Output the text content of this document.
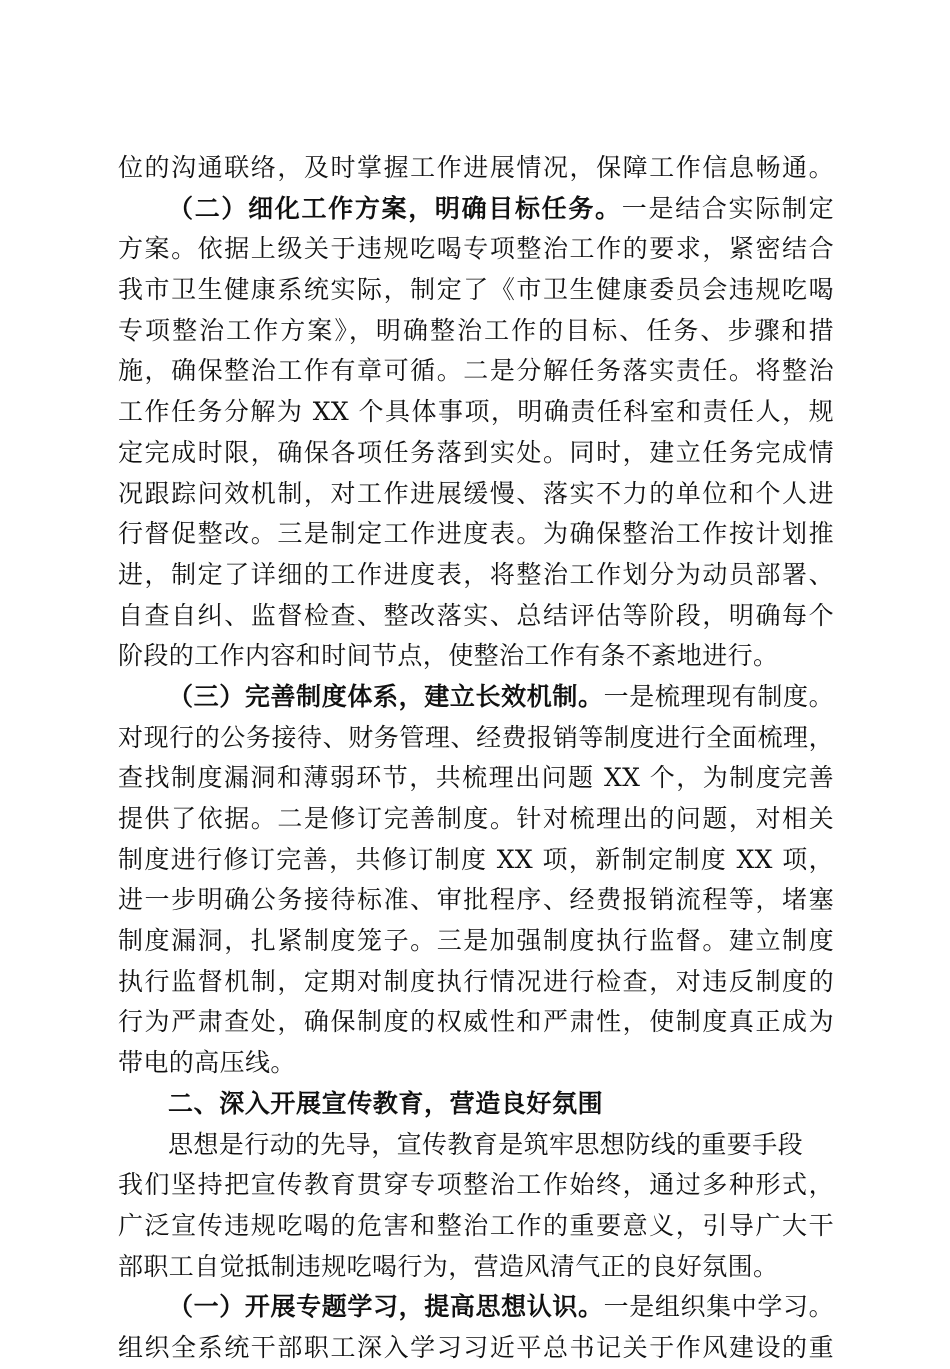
位的沟通联络，及时掌握工作进展情况，保障工作信息畅通。
（二）细化工作方案，明确目标任务。一是结合实际制定
方案。依据上级关于违规吃喝专项整治工作的要求，紧密结合
我市卫生健康系统实际，制定了《市卫生健康委员会违规吃喝
专项整治工作方案》，明确整治工作的目标、任务、步骤和措
施，确保整治工作有章可循。二是分解任务落实责任。将整治
工作任务分解为 XX 个具体事项，明确责任科室和责任人，规
定完成时限，确保各项任务落到实处。同时，建立任务完成情
况跟踪问效机制，对工作进展缓慢、落实不力的单位和个人进
行督促整改。三是制定工作进度表。为确保整治工作按计划推
进，制定了详细的工作进度表，将整治工作划分为动员部署、
自查自纠、监督检查、整改落实、总结评估等阶段，明确每个
阶段的工作内容和时间节点，使整治工作有条不紊地进行。
（三）完善制度体系，建立长效机制。一是梳理现有制度。
对现行的公务接待、财务管理、经费报销等制度进行全面梳理，
查找制度漏洞和薄弱环节，共梳理出问题 XX 个，为制度完善
提供了依据。二是修订完善制度。针对梳理出的问题，对相关
制度进行修订完善，共修订制度 XX 项，新制定制度 XX 项，
进一步明确公务接待标准、审批程序、经费报销流程等，堵塞
制度漏洞，扎紧制度笼子。三是加强制度执行监督。建立制度
执行监督机制，定期对制度执行情况进行检查，对违反制度的
行为严肃查处，确保制度的权威性和严肃性，使制度真正成为
带电的高压线。
二、深入开展宣传教育，营造良好氛围
思想是行动的先导，宣传教育是筑牢思想防线的重要手段
我们坚持把宣传教育贯穿专项整治工作始终，通过多种形式，
广泛宣传违规吃喝的危害和整治工作的重要意义，引导广大干
部职工自觉抵制违规吃喝行为，营造风清气正的良好氛围。
（一）开展专题学习，提高思想认识。一是组织集中学习。
组织全系统干部职工深入学习习近平总书记关于作风建设的重
